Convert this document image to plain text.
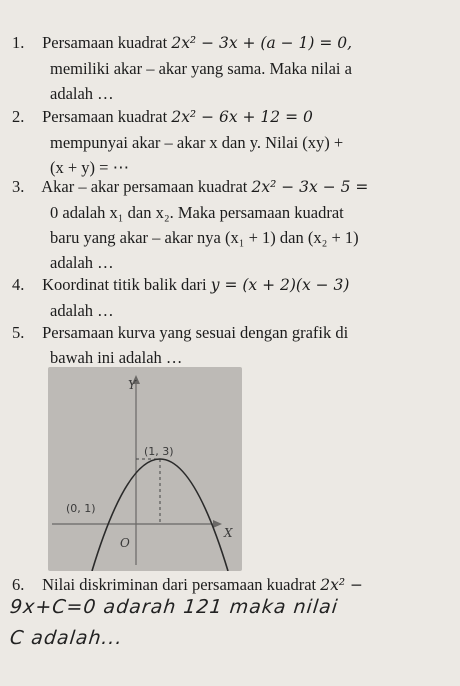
1. Persamaan kuadrat 2x² − 3x + (a − 1) = 0,
memiliki akar – akar yang sama. Maka nilai a
adalah …
2. Persamaan kuadrat 2x² − 6x + 12 = 0
mempunyai akar – akar x dan y. Nilai (xy) +
(x + y) = ⋯
3. Akar – akar persamaan kuadrat 2x² − 3x − 5 =
0 adalah x₁ dan x₂. Maka persamaan kuadrat
baru yang akar – akar nya (x₁ + 1) dan (x₂ + 1)
adalah …
4. Koordinat titik balik dari y = (x + 2)(x − 3)
adalah …
5. Persamaan kurva yang sesuai dengan grafik di
bawah ini adalah …
Y
X
O
(1, 3)
(0, 1)
6. Nilai diskriminan dari persamaan kuadrat 2x² −
9x+C=0 adarah 121 maka nilai
C adalah...
